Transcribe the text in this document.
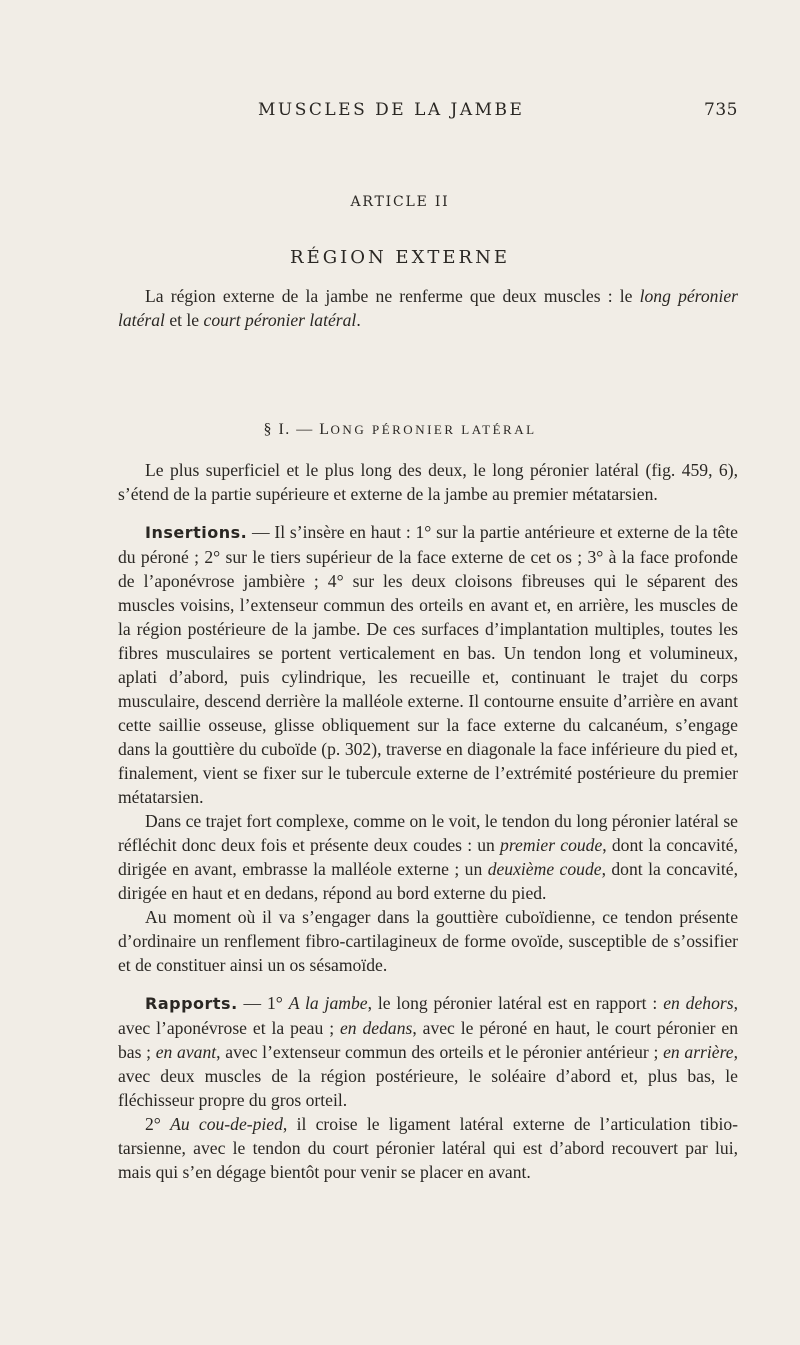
MUSCLES DE LA JAMBE	735
ARTICLE II
RÉGION EXTERNE

La région externe de la jambe ne renferme que deux muscles : le long péronier latéral et le court péronier latéral.

§ I. — LONG PÉRONIER LATÉRAL

Le plus superficiel et le plus long des deux, le long péronier latéral (fig. 459, 6), s’étend de la partie supérieure et externe de la jambe au premier métatarsien.

Insertions. — Il s’insère en haut : 1° sur la partie antérieure et externe de la tête du péroné ; 2° sur le tiers supérieur de la face externe de cet os ; 3° à la face profonde de l’aponévrose jambière ; 4° sur les deux cloisons fibreuses qui le séparent des muscles voisins, l’extenseur commun des orteils en avant et, en arrière, les muscles de la région postérieure de la jambe. De ces surfaces d’implantation multiples, toutes les fibres musculaires se portent verticalement en bas. Un tendon long et volumineux, aplati d’abord, puis cylindrique, les recueille et, continuant le trajet du corps musculaire, descend derrière la malléole externe. Il contourne ensuite d’arrière en avant cette saillie osseuse, glisse obliquement sur la face externe du calcanéum, s’engage dans la gouttière du cuboïde (p. 302), traverse en diagonale la face inférieure du pied et, finalement, vient se fixer sur le tubercule externe de l’extrémité postérieure du premier métatarsien.

Dans ce trajet fort complexe, comme on le voit, le tendon du long péronier latéral se réfléchit donc deux fois et présente deux coudes : un premier coude, dont la concavité, dirigée en avant, embrasse la malléole externe ; un deuxième coude, dont la concavité, dirigée en haut et en dedans, répond au bord externe du pied.

Au moment où il va s’engager dans la gouttière cuboïdienne, ce tendon présente d’ordinaire un renflement fibro-cartilagineux de forme ovoïde, susceptible de s’ossifier et de constituer ainsi un os sésamoïde.

Rapports. — 1° A la jambe, le long péronier latéral est en rapport : en dehors, avec l’aponévrose et la peau ; en dedans, avec le péroné en haut, le court péronier en bas ; en avant, avec l’extenseur commun des orteils et le péronier antérieur ; en arrière, avec deux muscles de la région postérieure, le soléaire d’abord et, plus bas, le fléchisseur propre du gros orteil.

2° Au cou-de-pied, il croise le ligament latéral externe de l’articulation tibio-tarsienne, avec le tendon du court péronier latéral qui est d’abord recouvert par lui, mais qui s’en dégage bientôt pour venir se placer en avant.
